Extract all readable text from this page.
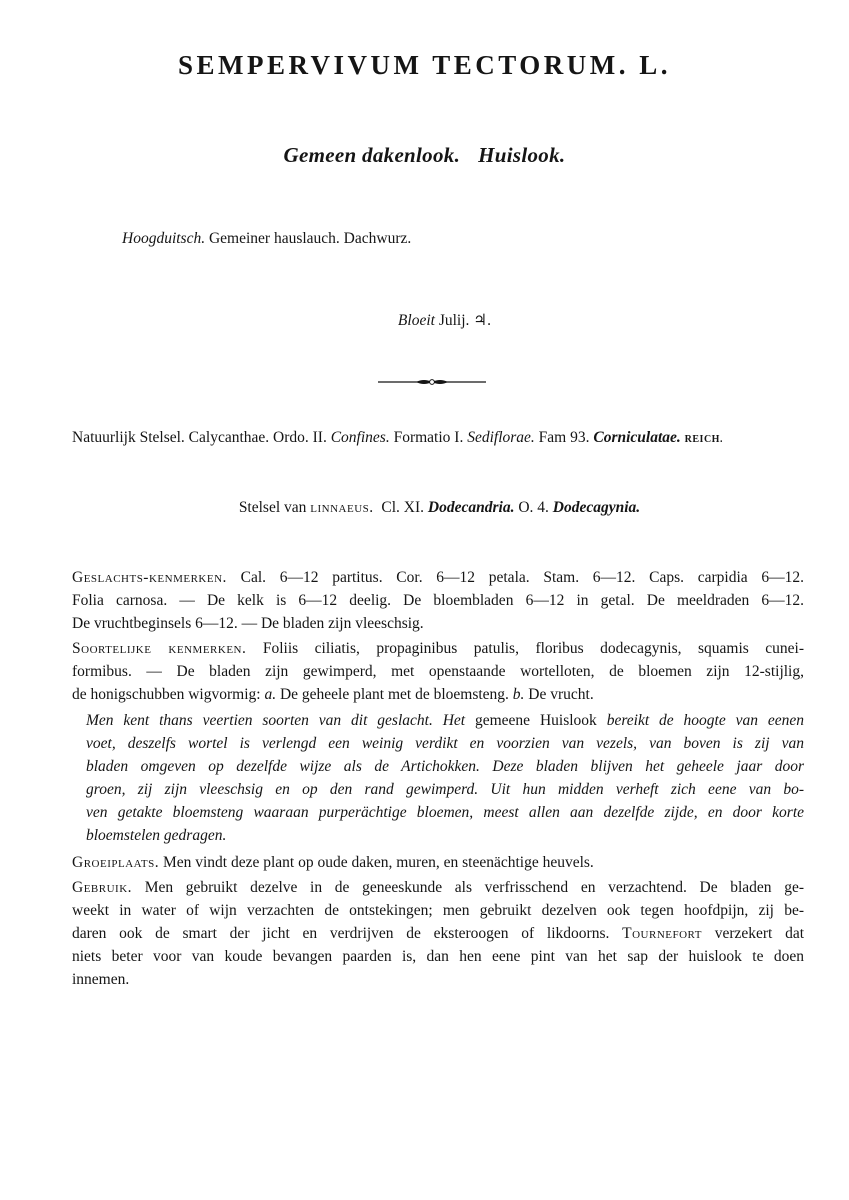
SEMPERVIVUM TECTORUM. L.
Gemeen dakenlook. Huislook.
Hoogduitsch. Gemeiner hauslauch. Dachwurz.
Bloeit Julij. ♃.
Natuurlijk Stelsel. Calycanthae. Ordo. II. Confines. Formatio I. Sediflorae. Fam 93. Corniculatae. REICH.
Stelsel van linnaeus. Cl. XI. Dodecandria. O. 4. Dodecagynia.
Geslachts-kenmerken. Cal. 6—12 partitus. Cor. 6—12 petala. Stam. 6—12. Caps. carpidia 6—12.
Folia carnosa. — De kelk is 6—12 deelig. De bloembladen 6—12 in getal. De meeldraden 6—12.
De vruchtbeginsels 6—12. — De bladen zijn vleeschsig.
Soortelijke kenmerken. Foliis ciliatis, propaginibus patulis, floribus dodecagynis, squamis cunei-
formibus. — De bladen zijn gewimperd, met openstaande wortelloten, de bloemen zijn 12-stijlig,
de honigschubben wigvormig: a. De geheele plant met de bloemsteng. b. De vrucht.
Men kent thans veertien soorten van dit geslacht. Het gemeene Huislook bereikt de hoogte van eenen
voet, deszelfs wortel is verlengd een weinig verdikt en voorzien van vezels, van boven is zij van
bladen omgeven op dezelfde wijze als de Artichokken. Deze bladen blijven het geheele jaar door
groen, zij zijn vleeschsig en op den rand gewimperd. Uit hun midden verheft zich eene van bo-
ven getakte bloemsteng waaraan purperächtige bloemen, meest allen aan dezelfde zijde, en door korte
bloemstelen gedragen.
Groeiplaats. Men vindt deze plant op oude daken, muren, en steenächtige heuvels.
Gebruik. Men gebruikt dezelve in de geneeskunde als verfrisschend en verzachtend. De bladen ge-
weekt in water of wijn verzachten de ontstekingen; men gebruikt dezelven ook tegen hoofdpijn, zij be-
daren ook de smart der jicht en verdrijven de eksteroogen of likdoorns. Tournefort verzekert dat
niets beter voor van koude bevangen paarden is, dan hen eene pint van het sap der huislook te doen
innemen.
